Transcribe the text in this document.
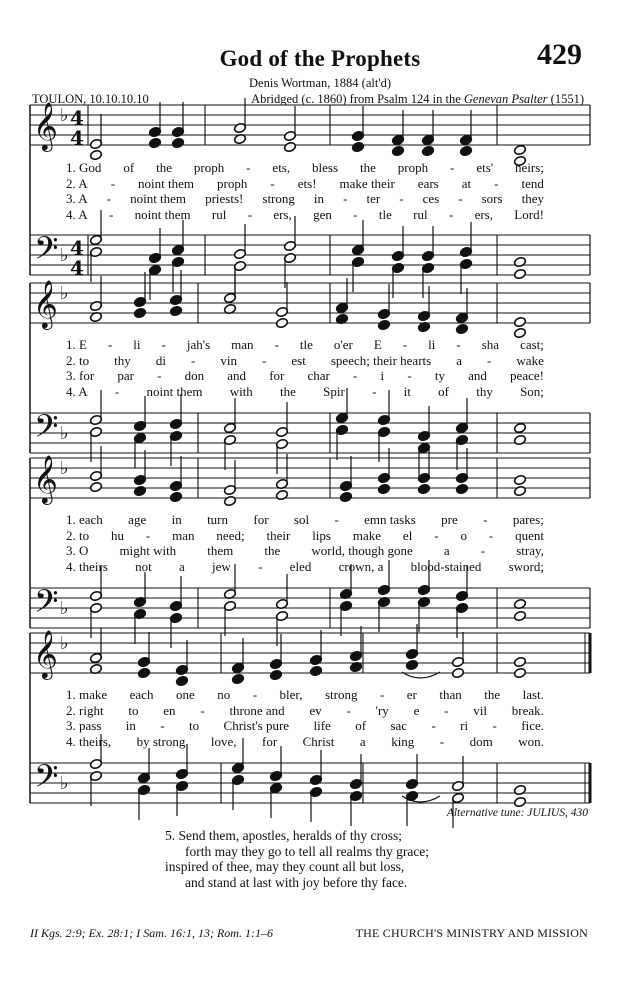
God of the Prophets	429
Denis Wortman, 1884 (alt'd)
TOULON, 10.10.10.10	Abridged (c. 1860) from Psalm 124 in the Genevan Psalter (1551)
𝄞
𝄢
♭
♭
4
4
4
4
𝄞
𝄢
♭
♭
𝄞
𝄢
♭
♭
𝄞
𝄢
♭
♭
1. God of the proph - ets, bless the proph - ets' heirs;
2. A - noint them proph - ets! make their ears at - tend
3. A - noint them priests! strong in - ter - ces - sors they
4. A - noint them rul - ers, gen - tle rul - ers, Lord!
1. E - li - jah's man - tle o'er E - li - sha cast;
2. to thy di - vin - est speech; their hearts a - wake
3. for par - don and for char - i - ty and peace!
4. A - noint them with the Spir - it of thy Son;
1. each age in turn for sol - emn tasks pre - pares;
2. to hu - man need; their lips make el - o - quent
3. O might with them the world, though gone a - stray,
4. theirs not a jew - eled crown, a blood-stained sword;
1. make each one no - bler, strong - er than the last.
2. right to en - throne and ev - 'ry e - vil break.
3. pass in - to Christ's pure life of sac - ri - fice.
4. theirs, by strong love, for Christ a king - dom won.
Alternative tune: JULIUS, 430
5. Send them, apostles, heralds of thy cross;
forth may they go to tell all realms thy grace;
inspired of thee, may they count all but loss,
and stand at last with joy before thy face.
II Kgs. 2:9; Ex. 28:1; I Sam. 16:1, 13; Rom. 1:1–6	THE CHURCH'S MINISTRY AND MISSION
